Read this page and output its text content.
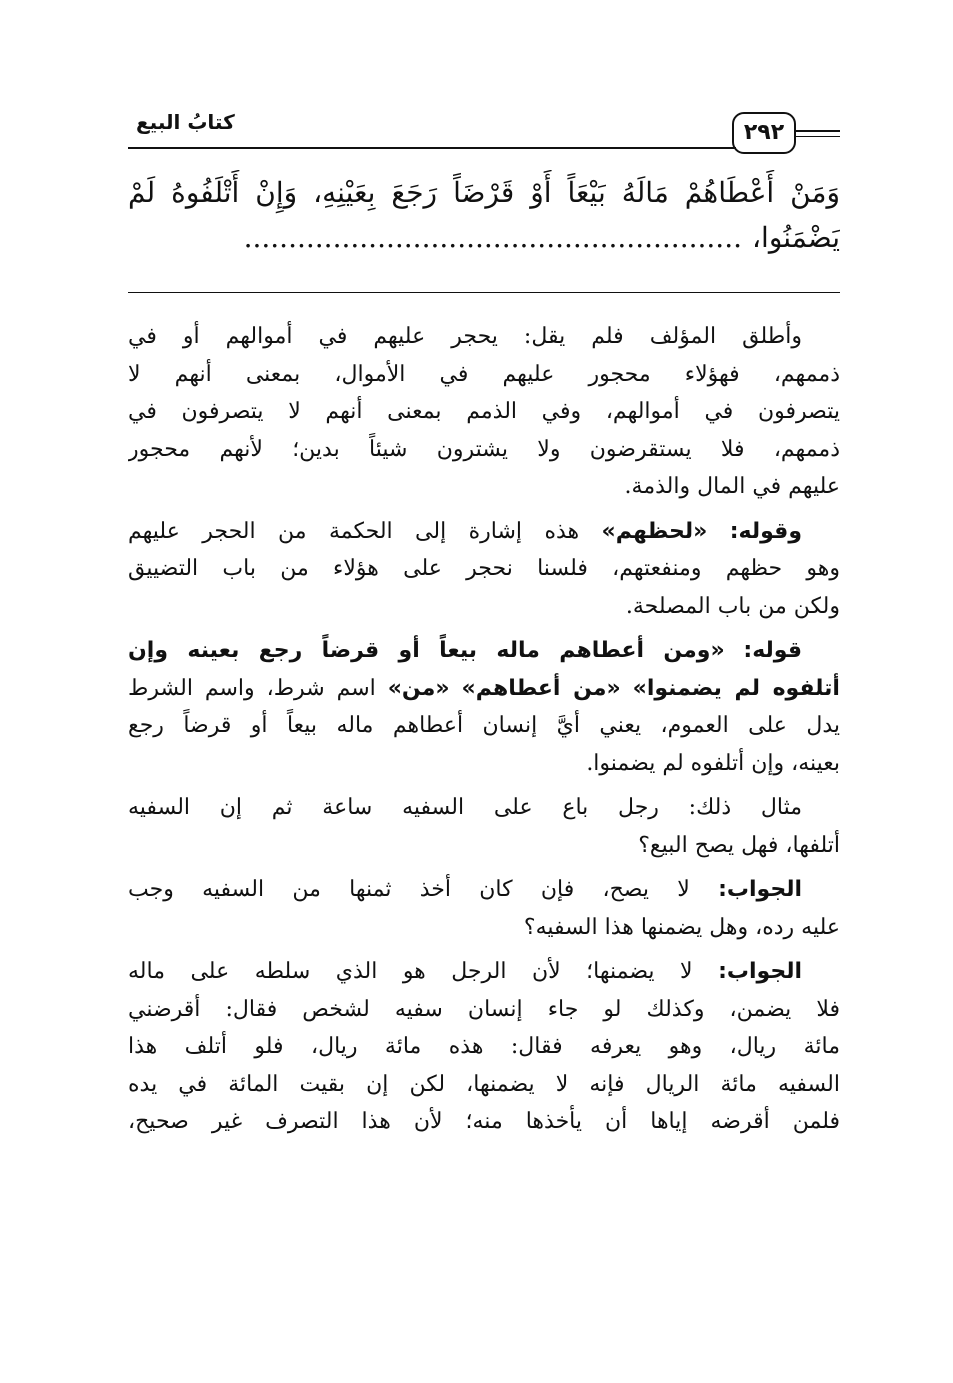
٢٩٢
كتابُ البيع
وَمَنْ أَعْطَاهُمْ مَالَهُ بَيْعَاً أَوْ قَرْضَاً رَجَعَ بِعَيْنِهِ، وَإِنْ أَتْلَفُوهُ لَمْ
يَضْمَنُوا،........................................................
وأطلق المؤلف فلم يقل: يحجر عليهم في أموالهم أو في
ذممهم، فهؤلاء محجور عليهم في الأموال، بمعنى أنهم لا
يتصرفون في أموالهم، وفي الذمم بمعنى أنهم لا يتصرفون في
ذممهم، فلا يستقرضون ولا يشترون شيئاً بدين؛ لأنهم محجور
عليهم في المال والذمة.
وقوله: «لحظهم» هذه إشارة إلى الحكمة من الحجر عليهم
وهو حظهم ومنفعتهم، فلسنا نحجر على هؤلاء من باب التضييق
ولكن من باب المصلحة.
قوله: «ومن أعطاهم ماله بيعاً أو قرضاً رجع بعينه وإن
أتلفوه لم يضمنوا» «من أعطاهم» «من» اسم شرط، واسم الشرط
يدل على العموم، يعني أيَّ إنسان أعطاهم ماله بيعاً أو قرضاً رجع
بعينه، وإن أتلفوه لم يضمنوا.
مثال ذلك: رجل باع على السفيه ساعة ثم إن السفيه
أتلفها، فهل يصح البيع؟
الجواب: لا يصح، فإن كان أخذ ثمنها من السفيه وجب
عليه رده، وهل يضمنها هذا السفيه؟
الجواب: لا يضمنها؛ لأن الرجل هو الذي سلطه على ماله
فلا يضمن، وكذلك لو جاء إنسان سفيه لشخص فقال: أقرضني
مائة ريال، وهو يعرفه فقال: هذه مائة ريال، فلو أتلف هذا
السفيه مائة الريال فإنه لا يضمنها، لكن إن بقيت المائة في يده
فلمن أقرضه إياها أن يأخذها منه؛ لأن هذا التصرف غير صحيح،
